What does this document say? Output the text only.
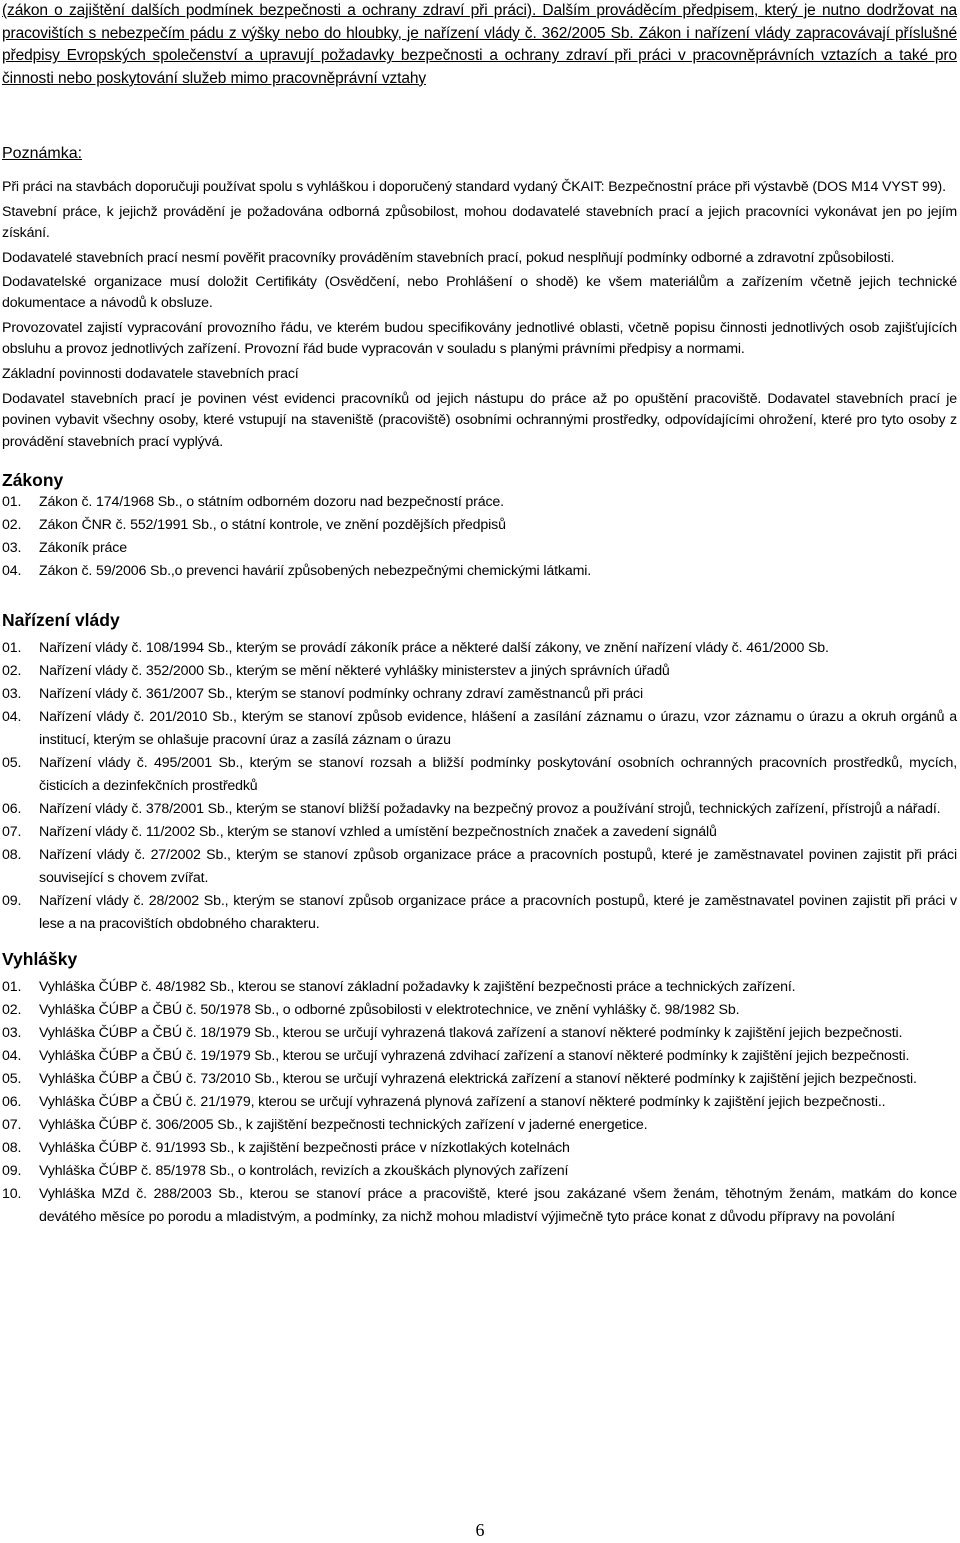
(zákon o zajištění dalších podmínek bezpečnosti a ochrany zdraví při práci). Dalším prováděcím předpisem, který je nutno dodržovat na pracovištích s nebezpečím pádu z výšky nebo do hloubky, je nařízení vlády č. 362/2005 Sb. Zákon i nařízení vlády zapracovávají příslušné předpisy Evropských společenství a upravují požadavky bezpečnosti a ochrany zdraví při práci v pracovněprávních vztazích a také pro činnosti nebo poskytování služeb mimo pracovněprávní vztahy
Poznámka:

Při práci na stavbách doporučuji používat spolu s vyhláškou i doporučený standard vydaný ČKAIT: Bezpečnostní práce při výstavbě (DOS M14 VYST 99).

Stavební práce, k jejichž provádění je požadována odborná způsobilost, mohou dodavatelé stavebních prací a jejich pracovníci vykonávat jen po jejím získání.

Dodavatelé stavebních prací nesmí pověřit pracovníky prováděním stavebních prací, pokud nesplňují podmínky odborné a zdravotní způsobilosti.

Dodavatelské organizace musí doložit Certifikáty (Osvědčení, nebo Prohlášení o shodě) ke všem materiálům a zařízením včetně jejich technické dokumentace a návodů k obsluze.

Provozovatel zajistí vypracování provozního řádu, ve kterém budou specifikovány jednotlivé oblasti, včetně popisu činnosti jednotlivých osob zajišťujících obsluhu a provoz jednotlivých zařízení. Provozní řád bude vypracován v souladu s planými právními předpisy a normami.

Základní povinnosti dodavatele stavebních prací

Dodavatel stavebních prací je povinen vést evidenci pracovníků od jejich nástupu do práce až po opuštění pracoviště. Dodavatel stavebních prací je povinen vybavit všechny osoby, které vstupují na staveniště (pracoviště) osobními ochrannými prostředky, odpovídajícími ohrožení, které pro tyto osoby z provádění stavebních prací vyplývá.

Zákony
01.	Zákon č. 174/1968 Sb., o státním odborném dozoru nad bezpečností práce.
02.	Zákon ČNR č. 552/1991 Sb., o státní kontrole, ve znění pozdějších předpisů
03.	Zákoník práce
04.	Zákon č. 59/2006 Sb.,o prevenci havárií způsobených nebezpečnými chemickými látkami.
Nařízení vlády
01.	Nařízení vlády č. 108/1994 Sb., kterým se provádí zákoník práce a některé další zákony, ve znění nařízení vlády č. 461/2000 Sb.
02.	Nařízení vlády č. 352/2000 Sb., kterým se mění některé vyhlášky ministerstev a jiných správních úřadů
03.	Nařízení vlády č. 361/2007 Sb., kterým se stanoví podmínky ochrany zdraví zaměstnanců při práci
04.	Nařízení vlády č. 201/2010 Sb., kterým se stanoví způsob evidence, hlášení a zasílání záznamu o úrazu, vzor záznamu o úrazu a okruh orgánů a institucí, kterým se ohlašuje pracovní úraz a zasílá záznam o úrazu
05.	Nařízení vlády č. 495/2001 Sb., kterým se stanoví rozsah a bližší podmínky poskytování osobních ochranných pracovních prostředků, mycích, čisticích a dezinfekčních prostředků
06.	Nařízení vlády č. 378/2001 Sb., kterým se stanoví bližší požadavky na bezpečný provoz a používání strojů, technických zařízení, přístrojů a nářadí.
07.	Nařízení vlády č. 11/2002 Sb., kterým se stanoví vzhled a umístění bezpečnostních značek a zavedení signálů
08.	Nařízení vlády č. 27/2002 Sb., kterým se stanoví způsob organizace práce a pracovních postupů, které je zaměstnavatel povinen zajistit při práci související s chovem zvířat.
09.	Nařízení vlády č. 28/2002 Sb., kterým se stanoví způsob organizace práce a pracovních postupů, které je zaměstnavatel povinen zajistit při práci v lese a na pracovištích obdobného charakteru.
Vyhlášky
01.	Vyhláška ČÚBP č. 48/1982 Sb., kterou se stanoví základní požadavky k zajištění bezpečnosti práce a technických zařízení.
02.	Vyhláška ČÚBP a ČBÚ č. 50/1978 Sb., o odborné způsobilosti v elektrotechnice, ve znění vyhlášky č. 98/1982 Sb.
03.	Vyhláška ČÚBP a ČBÚ č. 18/1979 Sb., kterou se určují vyhrazená tlaková zařízení a stanoví některé podmínky k zajištění jejich bezpečnosti.
04.	Vyhláška ČÚBP a ČBÚ č. 19/1979 Sb., kterou se určují vyhrazená zdvihací zařízení a stanoví některé podmínky k zajištění jejich bezpečnosti.
05.	Vyhláška ČÚBP a ČBÚ č. 73/2010 Sb., kterou se určují vyhrazená elektrická zařízení a stanoví některé podmínky k zajištění jejich bezpečnosti.
06.	Vyhláška ČÚBP a ČBÚ č. 21/1979, kterou se určují vyhrazená plynová zařízení a stanoví některé podmínky k zajištění jejich bezpečnosti..
07.	Vyhláška ČÚBP č. 306/2005 Sb., k zajištění bezpečnosti technických zařízení v jaderné energetice.
08.	Vyhláška ČÚBP č. 91/1993 Sb., k zajištění bezpečnosti práce v nízkotlakých kotelnách
09.	Vyhláška ČÚBP č. 85/1978 Sb., o kontrolách, revizích a zkouškách plynových zařízení
10.	Vyhláška MZd č. 288/2003 Sb., kterou se stanoví práce a pracoviště, které jsou zakázané všem ženám, těhotným ženám, matkám do konce devátého měsíce po porodu a mladistvým, a podmínky, za nichž mohou mladiství výjimečně tyto práce konat z důvodu přípravy na povolání
6
